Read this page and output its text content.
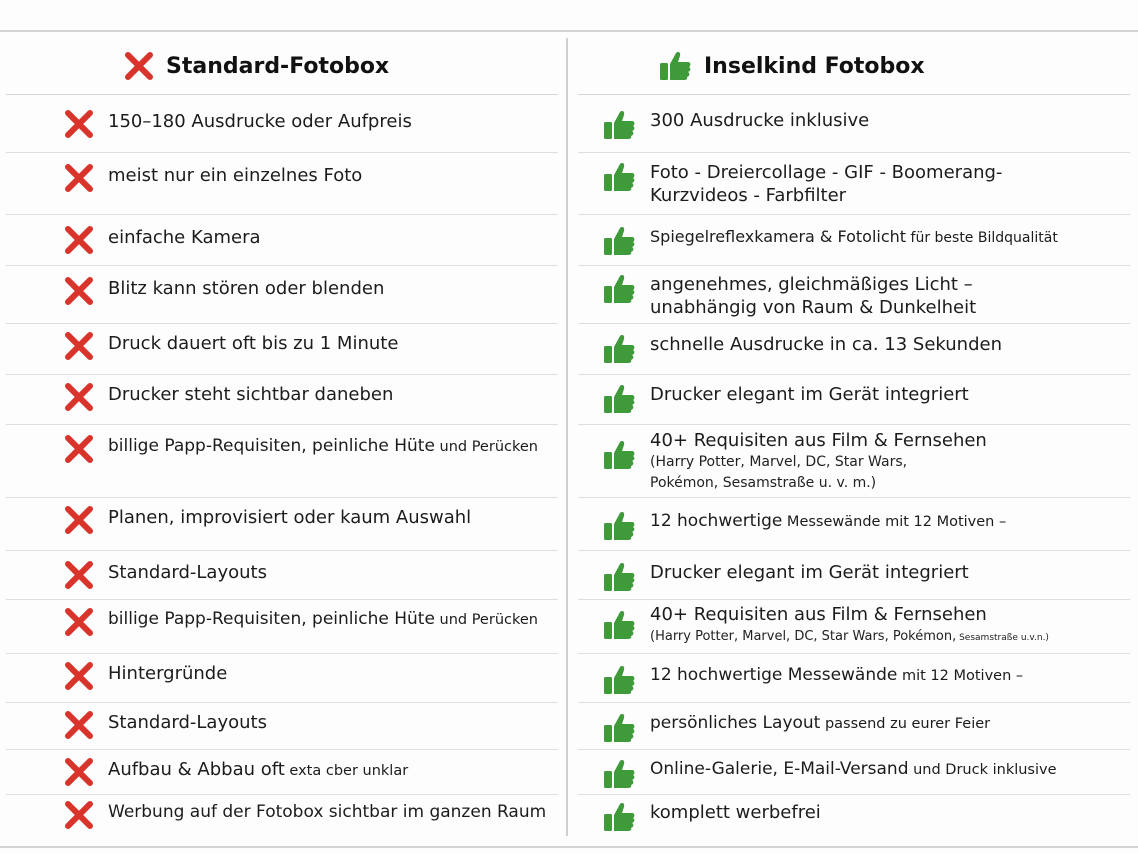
Standard-Fotobox
150–180 Ausdrucke oder Aufpreis
meist nur ein einzelnes Foto
einfache Kamera
Blitz kann stören oder blenden
Druck dauert oft bis zu 1 Minute
Drucker steht sichtbar daneben
billige Papp-Requisiten, peinliche Hüte und Perücken
Planen, improvisiert oder kaum Auswahl
Standard-Layouts
billige Papp-Requisiten, peinliche Hüte und Perücken
Hintergründe
Standard-Layouts
Aufbau & Abbau oft exta cber unklar
Werbung auf der Fotobox sichtbar im ganzen Raum
Inselkind Fotobox
300 Ausdrucke inklusive
Foto - Dreiercollage - GIF - Boomerang-
Kurzvideos - Farbfilter
Spiegelreflexkamera & Fotolicht für beste Bildqualität
angenehmes, gleichmäßiges Licht –
unabhängig von Raum & Dunkelheit
schnelle Ausdrucke in ca. 13 Sekunden
Drucker elegant im Gerät integriert
40+ Requisiten aus Film & Fernsehen
(Harry Potter, Marvel, DC, Star Wars,
Pokémon, Sesamstraße u. v. m.)
12 hochwertige Messewände mit 12 Motiven –
Drucker elegant im Gerät integriert
40+ Requisiten aus Film & Fernsehen
(Harry Potter, Marvel, DC, Star Wars, Pokémon, Sesamstraße u.v.n.)
12 hochwertige Messewände mit 12 Motiven –
persönliches Layout passend zu eurer Feier
Online-Galerie, E-Mail-Versand und Druck inklusive
komplett werbefrei
